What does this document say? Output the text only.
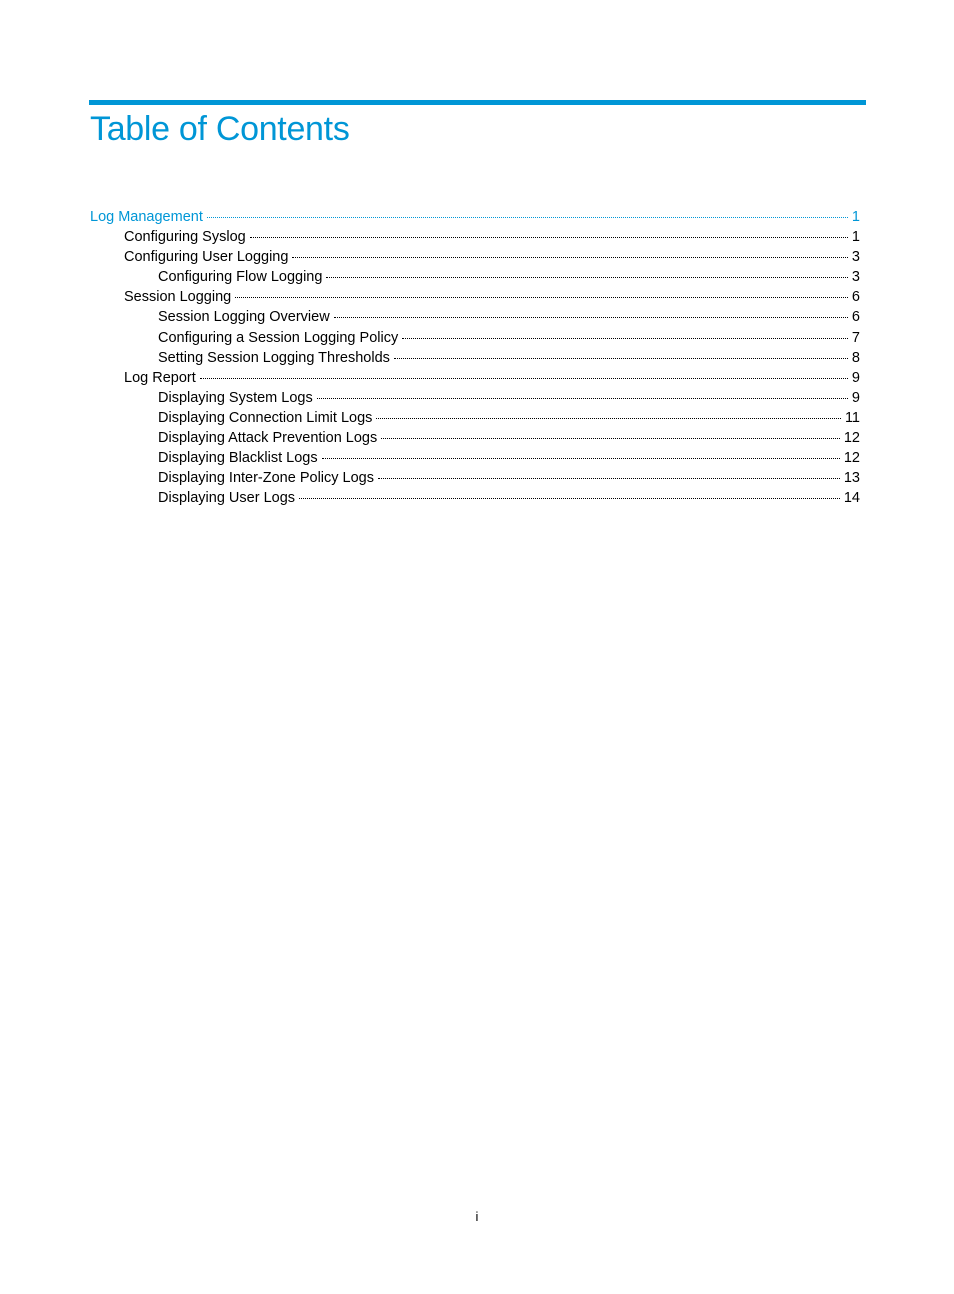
Table of Contents
Log Management	1
Configuring Syslog	1
Configuring User Logging	3
Configuring Flow Logging	3
Session Logging	6
Session Logging Overview	6
Configuring a Session Logging Policy	7
Setting Session Logging Thresholds	8
Log Report	9
Displaying System Logs	9
Displaying Connection Limit Logs	11
Displaying Attack Prevention Logs	12
Displaying Blacklist Logs	12
Displaying Inter-Zone Policy Logs	13
Displaying User Logs	14
i
